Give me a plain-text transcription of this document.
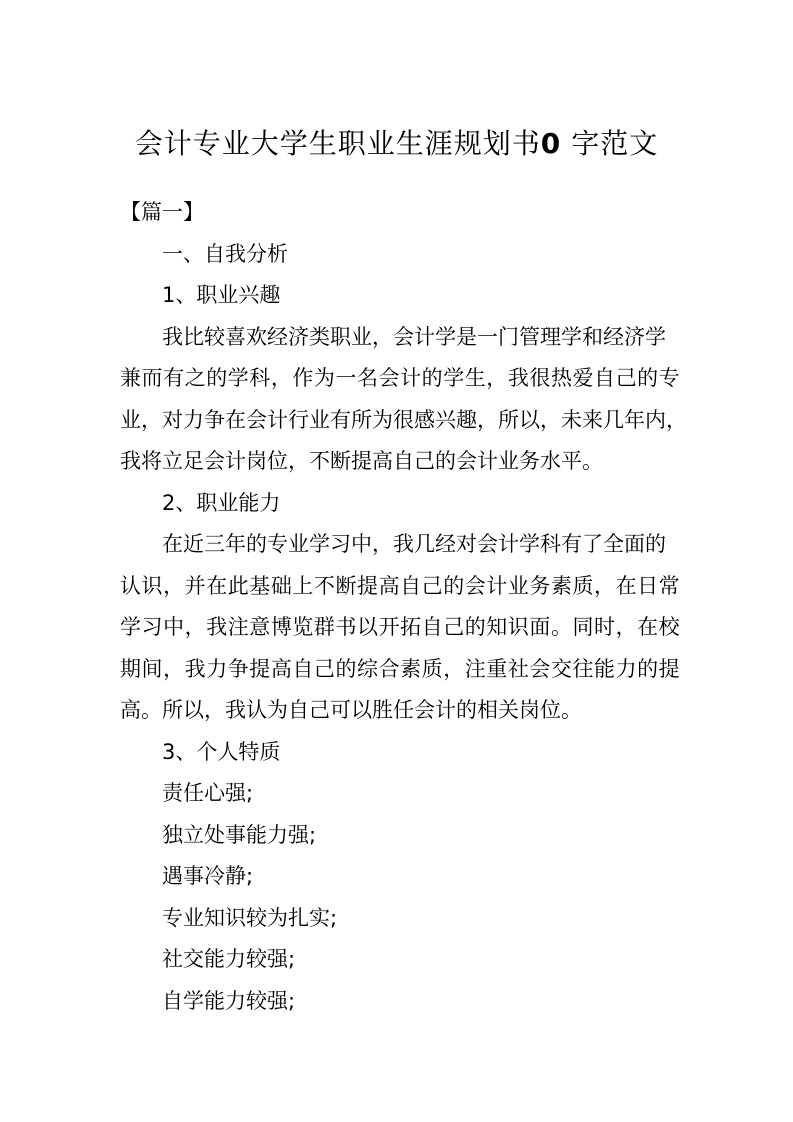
会计专业大学生职业生涯规划书0 字范文

【篇一】

一、自我分析

1、职业兴趣

我比较喜欢经济类职业，会计学是一门管理学和经济学

兼 而 有 之 的 学 科 ， 作 为 一 名 会 计 的 学 生 ， 我 很 热 爱 自 己 的 专

业 ， 对 力 争 在 会 计 行 业 有 所 为 很 感 兴 趣 ， 所 以 ， 未 来 几 年 内 ，

我将立足会计岗位，不断提高自己的会计业务水平。

2、职业能力

在近三年的专业学习中，我几经对会计学科有了全面的

认 识 ， 并 在 此 基 础 上 不 断 提 高 自 己 的 会 计 业 务 素 质 ， 在 日 常

学 习 中 ， 我 注 意 博 览 群 书 以 开 拓 自 己 的 知 识 面 。 同 时 ， 在 校

期 间 ， 我 力 争 提 高 自 己 的 综 合 素 质 ， 注 重 社 会 交 往 能 力 的 提

高。所以，我认为自己可以胜任会计的相关岗位。

3、个人特质

责任心强;

独立处事能力强;

遇事冷静;

专业知识较为扎实;

社交能力较强;

自学能力较强;
